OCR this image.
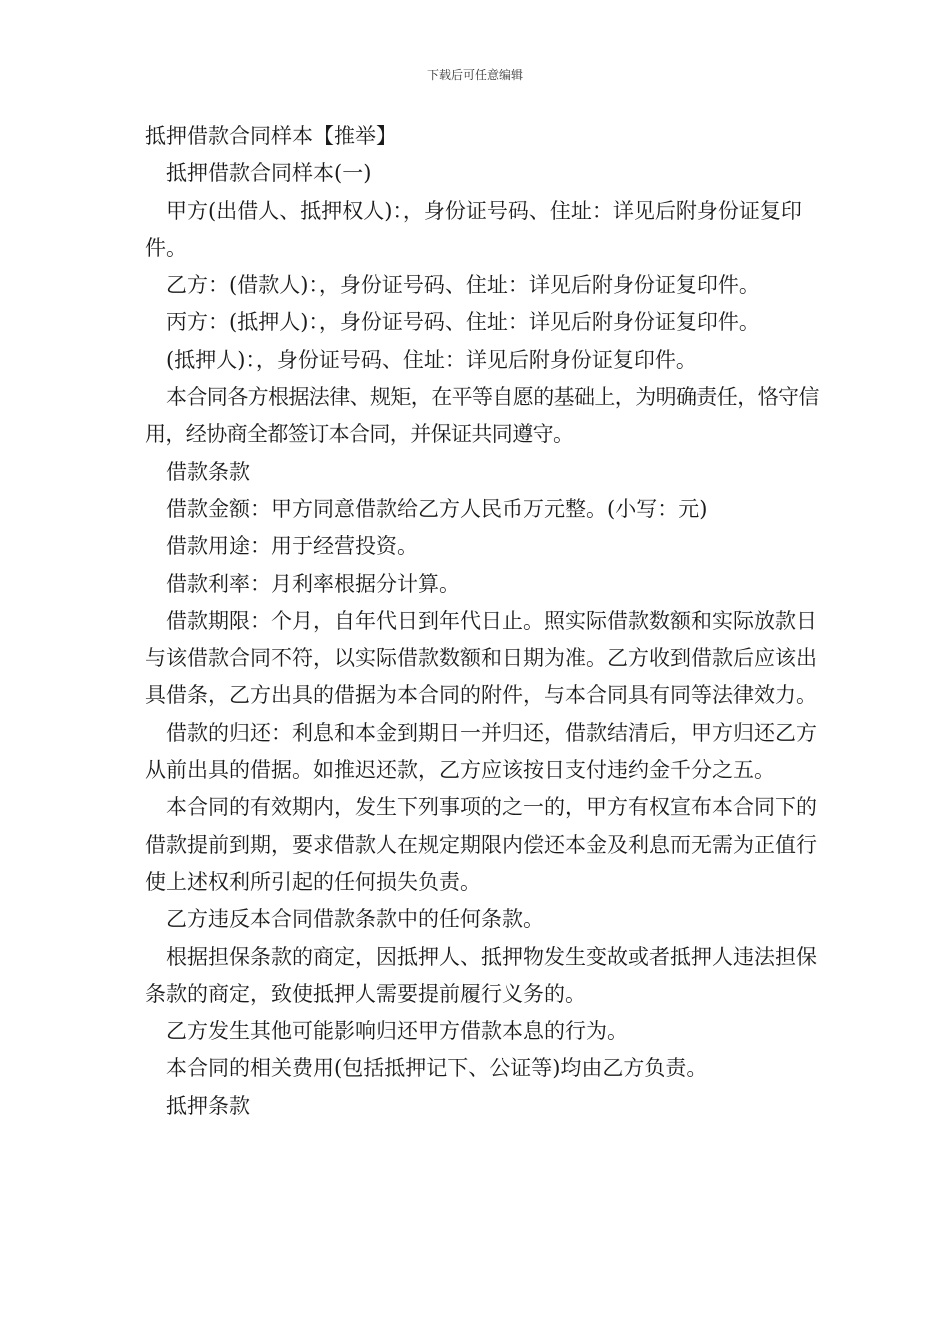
下载后可任意编辑

抵押借款合同样本【推举】

抵押借款合同样本(一)

甲方(出借人、抵押权人)：，身份证号码、住址：详见后附身份证复印件。

乙方：(借款人)：，身份证号码、住址：详见后附身份证复印件。

丙方：(抵押人)：，身份证号码、住址：详见后附身份证复印件。

(抵押人)：，身份证号码、住址：详见后附身份证复印件。

本合同各方根据法律、规矩，在平等自愿的基础上，为明确责任，恪守信用，经协商全都签订本合同，并保证共同遵守。

借款条款

借款金额：甲方同意借款给乙方人民币万元整。(小写：元)

借款用途：用于经营投资。

借款利率：月利率根据分计算。

借款期限：个月，自年代日到年代日止。照实际借款数额和实际放款日与该借款合同不符，以实际借款数额和日期为准。乙方收到借款后应该出具借条，乙方出具的借据为本合同的附件，与本合同具有同等法律效力。

借款的归还：利息和本金到期日一并归还，借款结清后，甲方归还乙方从前出具的借据。如推迟还款，乙方应该按日支付违约金千分之五。

本合同的有效期内，发生下列事项的之一的，甲方有权宣布本合同下的借款提前到期，要求借款人在规定期限内偿还本金及利息而无需为正值行使上述权利所引起的任何损失负责。

乙方违反本合同借款条款中的任何条款。

根据担保条款的商定，因抵押人、抵押物发生变故或者抵押人违法担保条款的商定，致使抵押人需要提前履行义务的。

乙方发生其他可能影响归还甲方借款本息的行为。

本合同的相关费用(包括抵押记下、公证等)均由乙方负责。

抵押条款
